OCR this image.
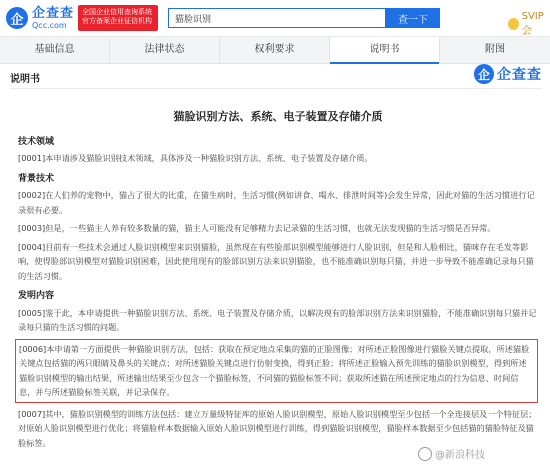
企 企查查
Qcc.com
全国企业信用查询系统
官方备案企业征信机构	猫脸识别	查一下	SVIP会
基础信息	法律状态	权利要求	说明书	附图
说明书	企 企查查
猫脸识别方法、系统、电子装置及存储介质
技术领域
[0001]本申请涉及猫脸识别技术领域，具体涉及一种猫脸识别方法、系统、电子装置及存储介质。
背景技术
[0002]在人们养的宠物中，猫占了很大的比重，在猫生病时，生活习惯(例如讲食、喝水、排泄时间等)会发生异常，因此对猫的生活习惯进行记录很有必要。
[0003]但是，一些猫主人养有较多数量的猫，猫主人可能没有足够精力去记录猫的生活习惯，也就无法发现猫的生活习惯是否异常。
[0004]目前有一些技术会通过人脸识别模型来识别猫脸，虽然现在有些脸部识别模型能够进行人脸识别，但是和人脸相比，猫咪存在毛发等影响，使得脸部识别模型对猫脸识别困难，因此使用现有的脸部识别方法来识别猫脸，也不能准确识别每只猫，并进一步导致不能准确记录每只猫的生活习惯。
发明内容
[0005]鉴于此，本申请提供一种猫脸识别方法、系统、电子装置及存储介质，以解决现有的脸部识别方法来识别猫脸，不能准确识别每只猫并记录每只猫的生活习惯的问题。
[0006]本申请第一方面提供一种猫脸识别方法，包括：获取在预定地点采集的猫的正脸图像；对所述正脸图像进行猫脸关键点提取，所述猫脸关键点包括猫的两只眼睛及鼻头的关键点；对所述猫脸关键点进行仿射变换，得到正脸；将所述正脸输入预先训练的猫脸识别模型，得到所述猫脸识别模型的输出结果，所述输出结果至少包含一个猫脸标签，不同猫的猫脸标签不同；获取所述猫在所述预定地点的行为信息、时间信息，并与所述猫脸标签关联，并记录保存。
[0007]其中，猫脸识别模型的训练方法包括：建立万量级特征库的原始人脸识别模型，原始人脸识别模型至少包括一个全连接层及一个特征层；对原始人脸识别模型进行优化；将猫脸样本数据输入原始人脸识别模型进行训练，得到猫脸识别模型，猫脸样本数据至少包括猫的猫脸特征及猫脸标签。
@新浪科技
